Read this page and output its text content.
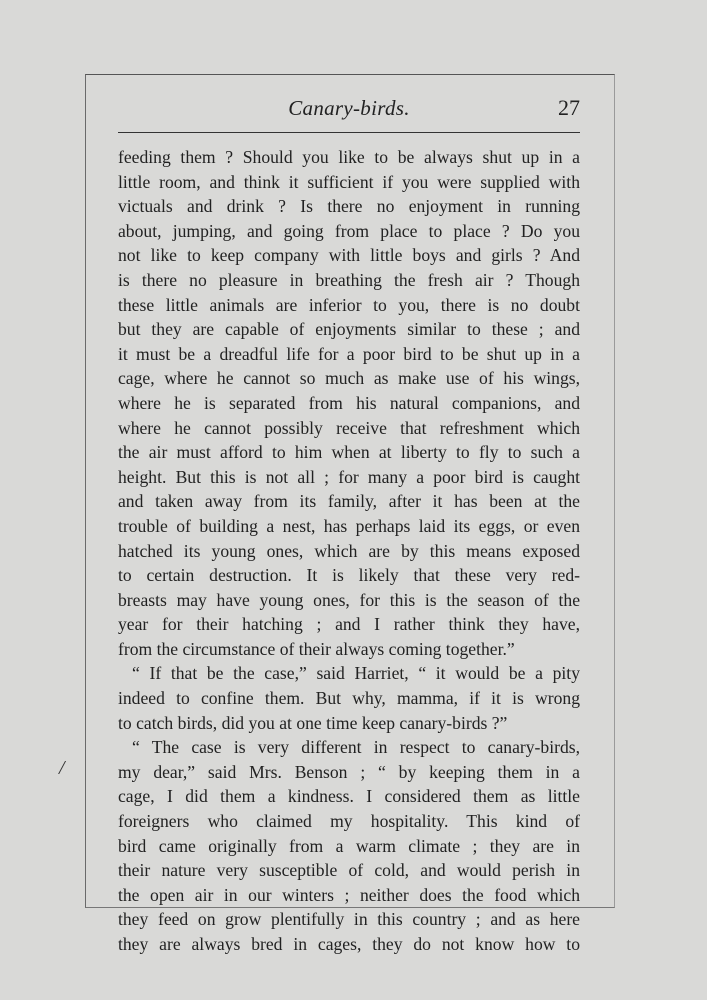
Canary-birds.	27
feeding them ? Should you like to be always shut up in a
little room, and think it sufficient if you were supplied with
victuals and drink ? Is there no enjoyment in running
about, jumping, and going from place to place ? Do you
not like to keep company with little boys and girls ? And
is there no pleasure in breathing the fresh air ? Though
these little animals are inferior to you, there is no doubt
but they are capable of enjoyments similar to these ; and
it must be a dreadful life for a poor bird to be shut up in a
cage, where he cannot so much as make use of his wings,
where he is separated from his natural companions, and
where he cannot possibly receive that refreshment which
the air must afford to him when at liberty to fly to such a
height. But this is not all ; for many a poor bird is caught
and taken away from its family, after it has been at the
trouble of building a nest, has perhaps laid its eggs, or even
hatched its young ones, which are by this means exposed
to certain destruction. It is likely that these very red-
breasts may have young ones, for this is the season of the
year for their hatching ; and I rather think they have,
from the circumstance of their always coming together.”
“ If that be the case,” said Harriet, “ it would be a pity
indeed to confine them. But why, mamma, if it is wrong
to catch birds, did you at one time keep canary-birds ?”
“ The case is very different in respect to canary-birds,
my dear,” said Mrs. Benson ; “ by keeping them in a
cage, I did them a kindness. I considered them as little
foreigners who claimed my hospitality. This kind of
bird came originally from a warm climate ; they are in
their nature very susceptible of cold, and would perish in
the open air in our winters ; neither does the food which
they feed on grow plentifully in this country ; and as here
they are always bred in cages, they do not know how to
/
